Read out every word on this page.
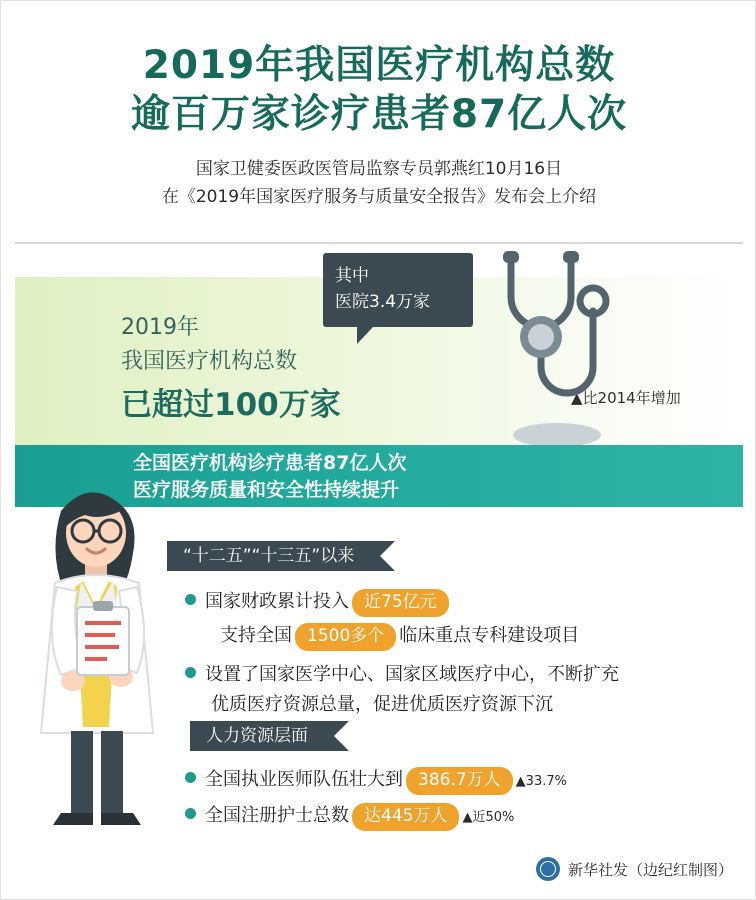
2019年我国医疗机构总数
逾百万家诊疗患者87亿人次
国家卫健委医政医管局监察专员郭燕红10月16日
在《2019年国家医疗服务与质量安全报告》发布会上介绍
2019年
我国医疗机构总数
已超过100万家	▲比2014年增加
其中
医院3.4万家
全国医疗机构诊疗患者87亿人次
医疗服务质量和安全性持续提升
“十二五”“十三五”以来
国家财政累计投入 近75亿元
支持全国 1500多个 临床重点专科建设项目
设置了国家医学中心、国家区域医疗中心，不断扩充
优质医疗资源总量，促进优质医疗资源下沉
人力资源层面
全国执业医师队伍壮大到 386.7万人 ▲33.7%
全国注册护士总数 达445万人 ▲近50%
新华社发（边纪红制图）
